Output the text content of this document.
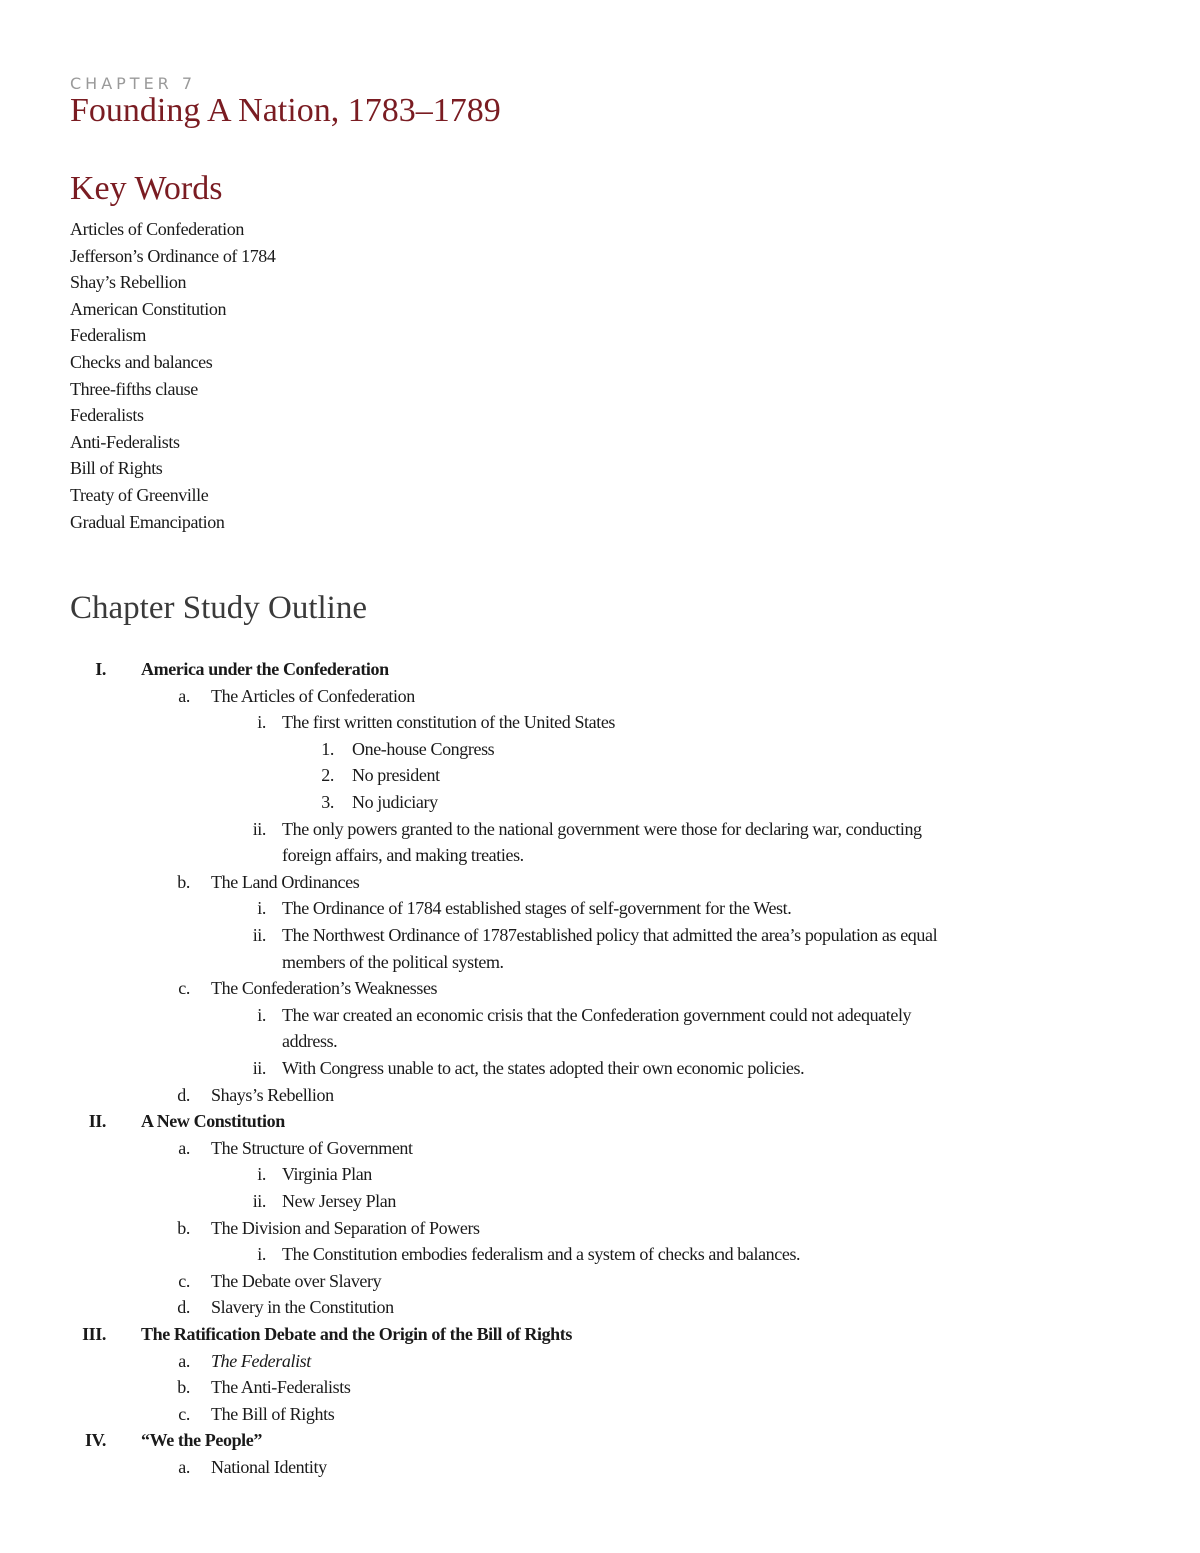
CHAPTER 7
Founding A Nation, 1783–1789
Key Words
Articles of Confederation
Jefferson’s Ordinance of 1784
Shay’s Rebellion
American Constitution
Federalism
Checks and balances
Three-fifths clause
Federalists
Anti-Federalists
Bill of Rights
Treaty of Greenville
Gradual Emancipation
Chapter Study Outline
I. America under the Confederation
a. The Articles of Confederation
i. The first written constitution of the United States
1. One-house Congress
2. No president
3. No judiciary
ii. The only powers granted to the national government were those for declaring war, conducting
foreign affairs, and making treaties.
b. The Land Ordinances
i. The Ordinance of 1784 established stages of self-government for the West.
ii. The Northwest Ordinance of 1787established policy that admitted the area’s population as equal
members of the political system.
c. The Confederation’s Weaknesses
i. The war created an economic crisis that the Confederation government could not adequately
address.
ii. With Congress unable to act, the states adopted their own economic policies.
d. Shays’s Rebellion
II. A New Constitution
a. The Structure of Government
i. Virginia Plan
ii. New Jersey Plan
b. The Division and Separation of Powers
i. The Constitution embodies federalism and a system of checks and balances.
c. The Debate over Slavery
d. Slavery in the Constitution
III. The Ratification Debate and the Origin of the Bill of Rights
a. The Federalist
b. The Anti-Federalists
c. The Bill of Rights
IV. “We the People”
a. National Identity
